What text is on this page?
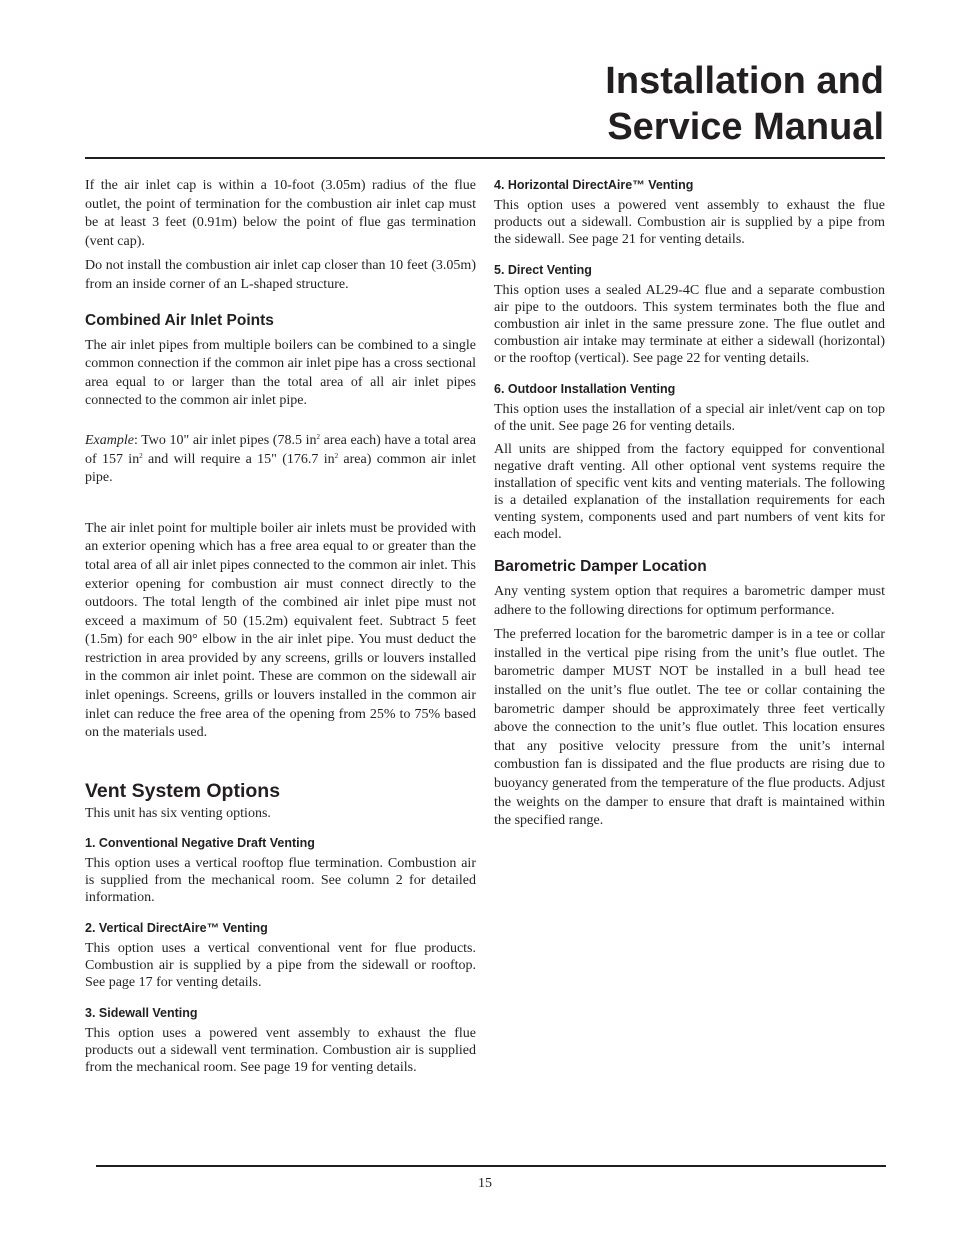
Installation and
Service Manual

If the air inlet cap is within a 10-foot (3.05m) radius of the flue outlet, the point of termination for the combustion air inlet cap must be at least 3 feet (0.91m) below the point of flue gas termination (vent cap).

Do not install the combustion air inlet cap closer than 10 feet (3.05m) from an inside corner of an L-shaped structure.

Combined Air Inlet Points

The air inlet pipes from multiple boilers can be combined to a single common connection if the common air inlet pipe has a cross sectional area equal to or larger than the total area of all air inlet pipes connected to the common air inlet pipe.

Example: Two 10" air inlet pipes (78.5 $in^2$ area each) have a total area of 157 $in^2$ and will require a 15" (176.7 $in^2$ area) common air inlet pipe.

The air inlet point for multiple boiler air inlets must be provided with an exterior opening which has a free area equal to or greater than the total area of all air inlet pipes connected to the common air inlet. This exterior opening for combustion air must connect directly to the outdoors. The total length of the combined air inlet pipe must not exceed a maximum of 50 (15.2m) equivalent feet. Subtract 5 feet (1.5m) for each 90° elbow in the air inlet pipe. You must deduct the restriction in area provided by any screens, grills or louvers installed in the common air inlet point. These are common on the sidewall air inlet openings. Screens, grills or louvers installed in the common air inlet can reduce the free area of the opening from 25% to 75% based on the materials used.

Vent System Options

This unit has six venting options.

1. Conventional Negative Draft Venting

This option uses a vertical rooftop flue termination. Combustion air is supplied from the mechanical room. See column 2 for detailed information.

2. Vertical DirectAire™ Venting

This option uses a vertical conventional vent for flue products. Combustion air is supplied by a pipe from the sidewall or rooftop. See page 17 for venting details.

3. Sidewall Venting

This option uses a powered vent assembly to exhaust the flue products out a sidewall vent termination. Combustion air is supplied from the mechanical room. See page 19 for venting details.

4. Horizontal DirectAire™ Venting

This option uses a powered vent assembly to exhaust the flue products out a sidewall. Combustion air is supplied by a pipe from the sidewall. See page 21 for venting details.

5. Direct Venting

This option uses a sealed AL29-4C flue and a separate combustion air pipe to the outdoors. This system terminates both the flue and combustion air inlet in the same pressure zone. The flue outlet and combustion air intake may terminate at either a sidewall (horizontal) or the rooftop (vertical). See page 22 for venting details.

6. Outdoor Installation Venting

This option uses the installation of a special air inlet/vent cap on top of the unit. See page 26 for venting details.

All units are shipped from the factory equipped for conventional negative draft venting. All other optional vent systems require the installation of specific vent kits and venting materials. The following is a detailed explanation of the installation requirements for each venting system, components used and part numbers of vent kits for each model.

Barometric Damper Location

Any venting system option that requires a barometric damper must adhere to the following directions for optimum performance.

The preferred location for the barometric damper is in a tee or collar installed in the vertical pipe rising from the unit’s flue outlet. The barometric damper MUST NOT be installed in a bull head tee installed on the unit’s flue outlet. The tee or collar containing the barometric damper should be approximately three feet vertically above the connection to the unit’s flue outlet. This location ensures that any positive velocity pressure from the unit’s internal combustion fan is dissipated and the flue products are rising due to buoyancy generated from the temperature of the flue products. Adjust the weights on the damper to ensure that draft is maintained within the specified range.

15
